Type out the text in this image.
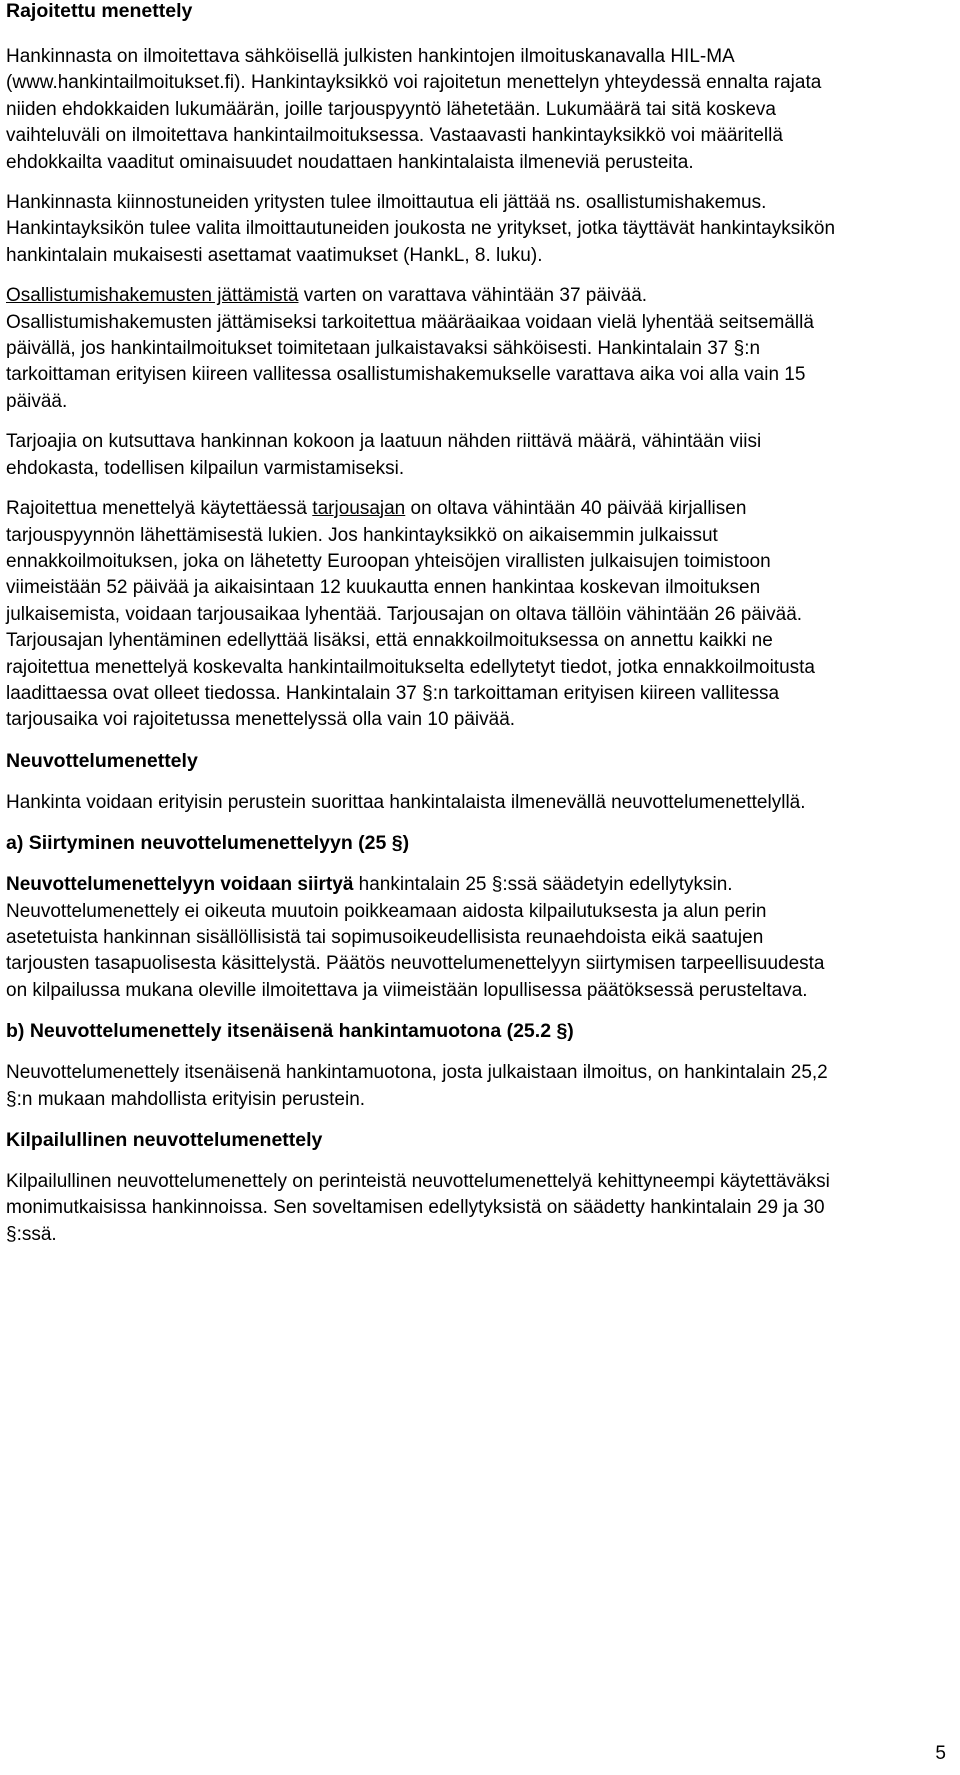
Rajoitettu menettely

Hankinnasta on ilmoitettava sähköisellä julkisten hankintojen ilmoituskanavalla HIL-MA (www.hankintailmoitukset.fi). Hankintayksikkö voi rajoitetun menettelyn yhteydessä ennalta rajata niiden ehdokkaiden lukumäärän, joille tarjouspyyntö lähetetään. Lukumäärä tai sitä koskeva vaihteluväli on ilmoitettava hankintailmoituksessa. Vastaavasti hankintayksikkö voi määritellä ehdokkailta vaaditut ominaisuudet noudattaen hankintalaista ilmeneviä perusteita.

Hankinnasta kiinnostuneiden yritysten tulee ilmoittautua eli jättää ns. osallistumishakemus. Hankintayksikön tulee valita ilmoittautuneiden joukosta ne yritykset, jotka täyttävät hankintayksikön hankintalain mukaisesti asettamat vaatimukset (HankL, 8. luku).

Osallistumishakemusten jättämistä varten on varattava vähintään 37 päivää. Osallistumishakemusten jättämiseksi tarkoitettua määräaikaa voidaan vielä lyhentää seitsemällä päivällä, jos hankintailmoitukset toimitetaan julkaistavaksi sähköisesti. Hankintalain 37 §:n tarkoittaman erityisen kiireen vallitessa osallistumishakemukselle varattava aika voi alla vain 15 päivää.

Tarjoajia on kutsuttava hankinnan kokoon ja laatuun nähden riittävä määrä, vähintään viisi ehdokasta, todellisen kilpailun varmistamiseksi.

Rajoitettua menettelyä käytettäessä tarjousajan on oltava vähintään 40 päivää kirjallisen tarjouspyynnön lähettämisestä lukien. Jos hankintayksikkö on aikaisemmin julkaissut ennakkoilmoituksen, joka on lähetetty Euroopan yhteisöjen virallisten julkaisujen toimistoon viimeistään 52 päivää ja aikaisintaan 12 kuukautta ennen hankintaa koskevan ilmoituksen julkaisemista, voidaan tarjousaikaa lyhentää. Tarjousajan on oltava tällöin vähintään 26 päivää. Tarjousajan lyhentäminen edellyttää lisäksi, että ennakkoilmoituksessa on annettu kaikki ne rajoitettua menettelyä koskevalta hankintailmoitukselta edellytetyt tiedot, jotka ennakkoilmoitusta laadittaessa ovat olleet tiedossa. Hankintalain 37 §:n tarkoittaman erityisen kiireen vallitessa tarjousaika voi rajoitetussa menettelyssä olla vain 10 päivää.

Neuvottelumenettely

Hankinta voidaan erityisin perustein suorittaa hankintalaista ilmenevällä neuvottelumenettelyllä.

a) Siirtyminen neuvottelumenettelyyn (25 §)

Neuvottelumenettelyyn voidaan siirtyä hankintalain 25 §:ssä säädetyin edellytyksin. Neuvottelumenettely ei oikeuta muutoin poikkeamaan aidosta kilpailutuksesta ja alun perin asetetuista hankinnan sisällöllisistä tai sopimusoikeudellisista reunaehdoista eikä saatujen tarjousten tasapuolisesta käsittelystä. Päätös neuvottelumenettelyyn siirtymisen tarpeellisuudesta on kilpailussa mukana oleville ilmoitettava ja viimeistään lopullisessa päätöksessä perusteltava.

b) Neuvottelumenettely itsenäisenä hankintamuotona (25.2 §)

Neuvottelumenettely itsenäisenä hankintamuotona, josta julkaistaan ilmoitus, on hankintalain 25,2 §:n mukaan mahdollista erityisin perustein.

Kilpailullinen neuvottelumenettely

Kilpailullinen neuvottelumenettely on perinteistä neuvottelumenettelyä kehittyneempi käytettäväksi monimutkaisissa hankinnoissa. Sen soveltamisen edellytyksistä on säädetty hankintalain 29 ja 30 §:ssä.

5
